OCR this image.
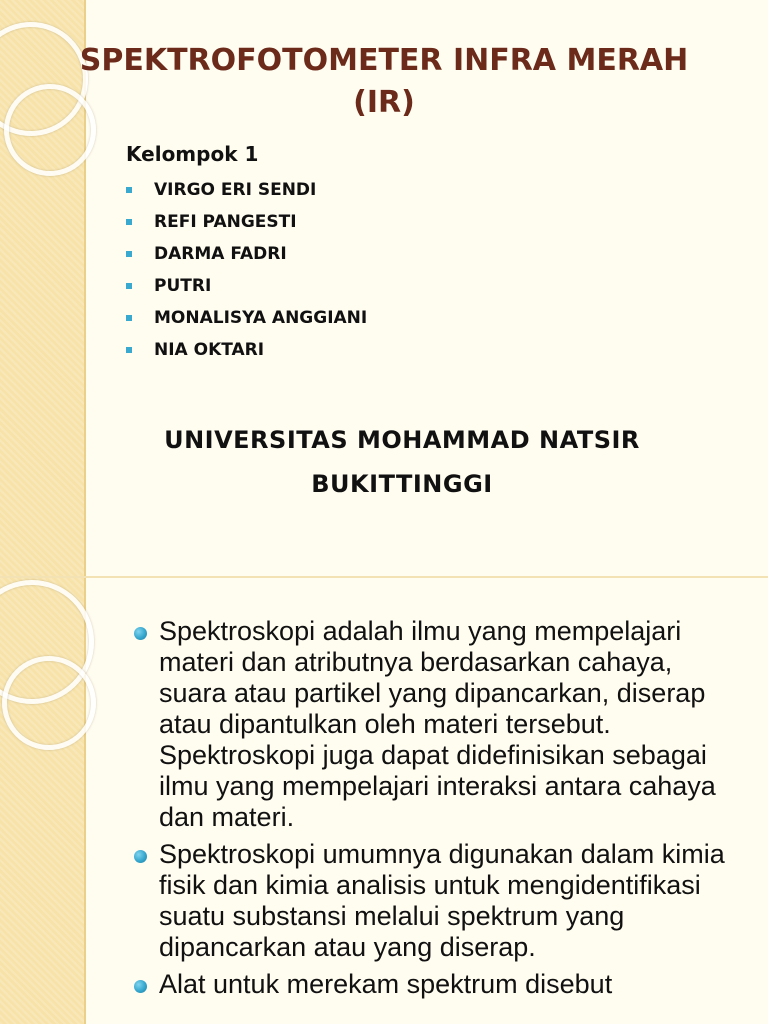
SPEKTROFOTOMETER INFRA MERAH
(IR)

Kelompok 1

VIRGO ERI SENDI
REFI PANGESTI
DARMA FADRI
PUTRI
MONALISYA ANGGIANI
NIA OKTARI

UNIVERSITAS MOHAMMAD NATSIR
BUKITTINGGI

Spektroskopi adalah ilmu yang mempelajari materi dan atributnya berdasarkan cahaya, suara atau partikel yang dipancarkan, diserap atau dipantulkan oleh materi tersebut. Spektroskopi juga dapat didefinisikan sebagai ilmu yang mempelajari interaksi antara cahaya dan materi.
Spektroskopi umumnya digunakan dalam kimia fisik dan kimia analisis untuk mengidentifikasi suatu substansi melalui spektrum yang dipancarkan atau yang diserap.
Alat untuk merekam spektrum disebut
